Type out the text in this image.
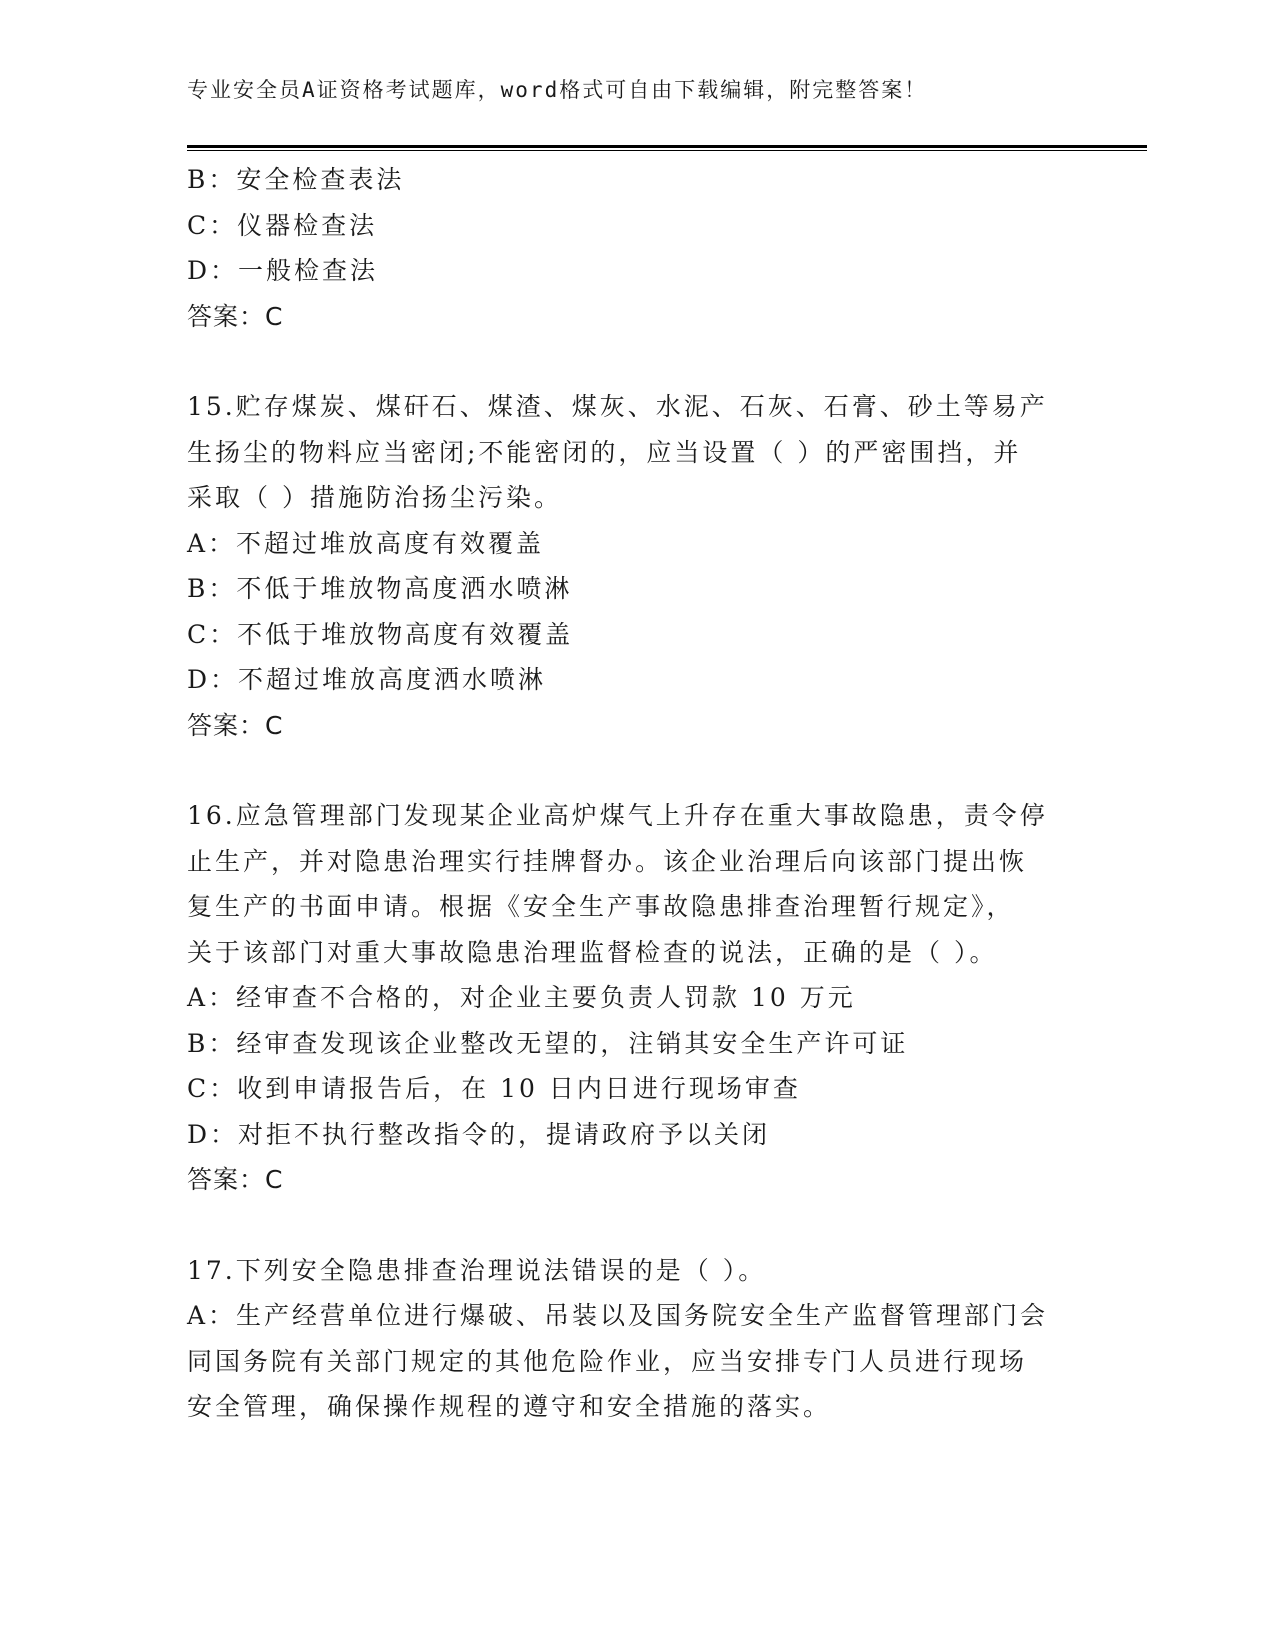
专业安全员A证资格考试题库，word格式可自由下载编辑，附完整答案！
B：安全检查表法
C：仪器检查法
D：一般检查法
答案：C
15.贮存煤炭、煤矸石、煤渣、煤灰、水泥、石灰、石膏、砂土等易产
生扬尘的物料应当密闭;不能密闭的，应当设置（ ）的严密围挡，并
采取（ ）措施防治扬尘污染。
A：不超过堆放高度有效覆盖
B：不低于堆放物高度洒水喷淋
C：不低于堆放物高度有效覆盖
D：不超过堆放高度洒水喷淋
答案：C
16.应急管理部门发现某企业高炉煤气上升存在重大事故隐患，责令停
止生产，并对隐患治理实行挂牌督办。该企业治理后向该部门提出恢
复生产的书面申请。根据《安全生产事故隐患排查治理暂行规定》，
关于该部门对重大事故隐患治理监督检查的说法，正确的是（ ）。
A：经审查不合格的，对企业主要负责人罚款 10 万元
B：经审查发现该企业整改无望的，注销其安全生产许可证
C：收到申请报告后，在 10 日内日进行现场审查
D：对拒不执行整改指令的，提请政府予以关闭
答案：C
17.下列安全隐患排查治理说法错误的是（ ）。
A：生产经营单位进行爆破、吊装以及国务院安全生产监督管理部门会
同国务院有关部门规定的其他危险作业，应当安排专门人员进行现场
安全管理，确保操作规程的遵守和安全措施的落实。
